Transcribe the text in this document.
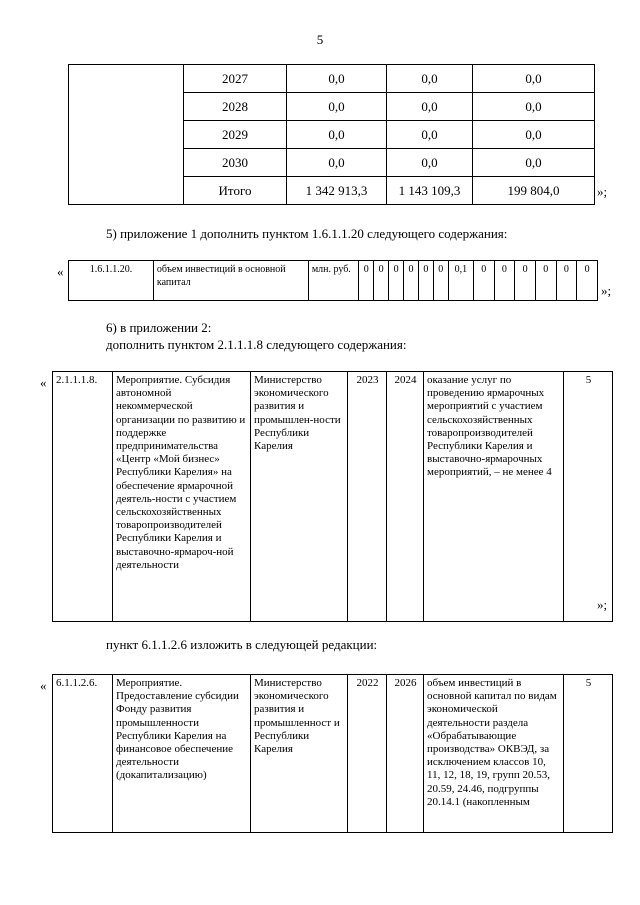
5
	2027	0,0	0,0	0,0
	2028	0,0	0,0	0,0
	2029	0,0	0,0	0,0
	2030	0,0	0,0	0,0
	Итого	1 342 913,3	1 143 109,3	199 804,0	»;
5) приложение 1 дополнить пунктом 1.6.1.1.20 следующего содержания:
«	1.6.1.1.20.	объем инвестиций в основной капитал	млн. руб.	0	0	0	0	0	0	0,1	0	0	0	0	0	0
»;
6) в приложении 2:
дополнить пунктом 2.1.1.1.8 следующего содержания:
« 2.1.1.1.8.	Мероприятие. Субсидия автономной некоммерческой организации по развитию и поддержке предпринимательства «Центр «Мой бизнес» Республики Карелия» на обеспечение ярмарочной деятель-ности с участием сельскохозяйственных товаропроизводителей Республики Карелия и выставочно-ярмароч-ной деятельности	Министерство экономического развития и промышлен-ности Республики Карелия	2023	2024	оказание услуг по проведению ярмарочных мероприятий с участием сельскохозяйственных товаропроизводителей Республики Карелия и выставочно-ярмарочных мероприятий, – не менее 4	5
»;
пункт 6.1.1.2.6 изложить в следующей редакции:
« 6.1.1.2.6.	Мероприятие. Предоставление субсидии Фонду развития промышленности Республики Карелия на финансовое обеспечение деятельности (докапитализацию)	Министерство экономического развития и промышленност и Республики Карелия	2022	2026	объем инвестиций в основной капитал по видам экономической деятельности раздела «Обрабатывающие производства» ОКВЭД, за исключением классов 10, 11, 12, 18, 19, групп 20.53, 20.59, 24.46, подгруппы 20.14.1 (накопленным	5
